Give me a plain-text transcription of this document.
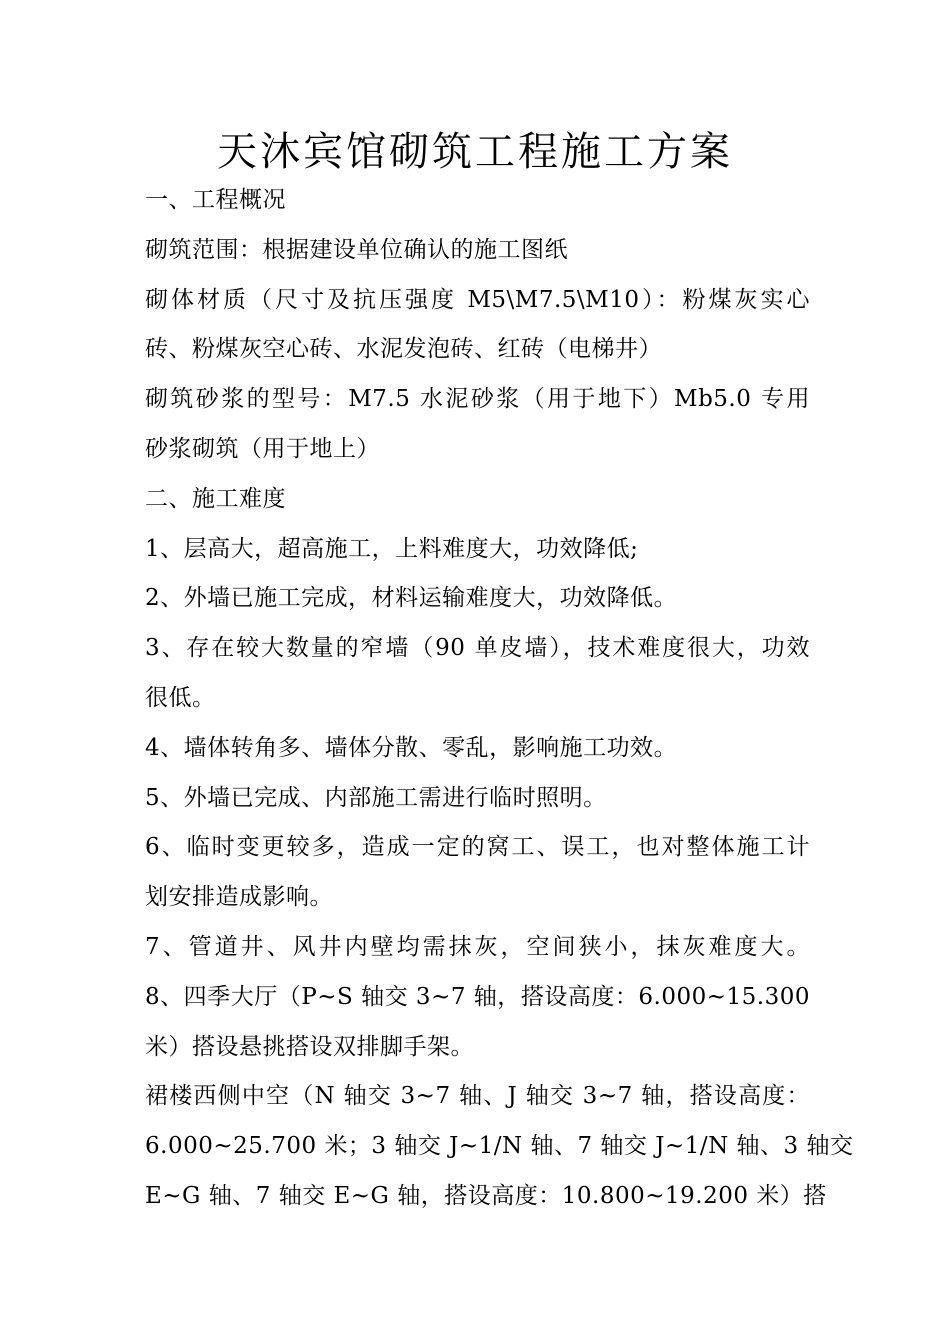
天沐宾馆砌筑工程施工方案
一、工程概况
砌筑范围：根据建设单位确认的施工图纸
砌体材质（尺寸及抗压强度 M5\M7.5\M10）：粉煤灰实心
砖、粉煤灰空心砖、水泥发泡砖、红砖（电梯井）
砌筑砂浆的型号：M7.5 水泥砂浆（用于地下）Mb5.0 专用
砂浆砌筑（用于地上）
二、施工难度
1、层高大，超高施工，上料难度大，功效降低;
2、外墙已施工完成，材料运输难度大，功效降低。
3、存在较大数量的窄墙（90 单皮墙），技术难度很大，功效
很低。
4、墙体转角多、墙体分散、零乱，影响施工功效。
5、外墙已完成、内部施工需进行临时照明。
6、临时变更较多，造成一定的窝工、误工，也对整体施工计
划安排造成影响。
7、管道井、风井内壁均需抹灰，空间狭小，抹灰难度大。
8、四季大厅（P~S 轴交 3~7 轴，搭设高度：6.000~15.300
米）搭设悬挑搭设双排脚手架。
裙楼西侧中空（N 轴交 3~7 轴、J 轴交 3~7 轴，搭设高度：
6.000~25.700 米；3 轴交 J~1/N 轴、7 轴交 J~1/N 轴、3 轴交
E~G 轴、7 轴交 E~G 轴，搭设高度：10.800~19.200 米）搭
